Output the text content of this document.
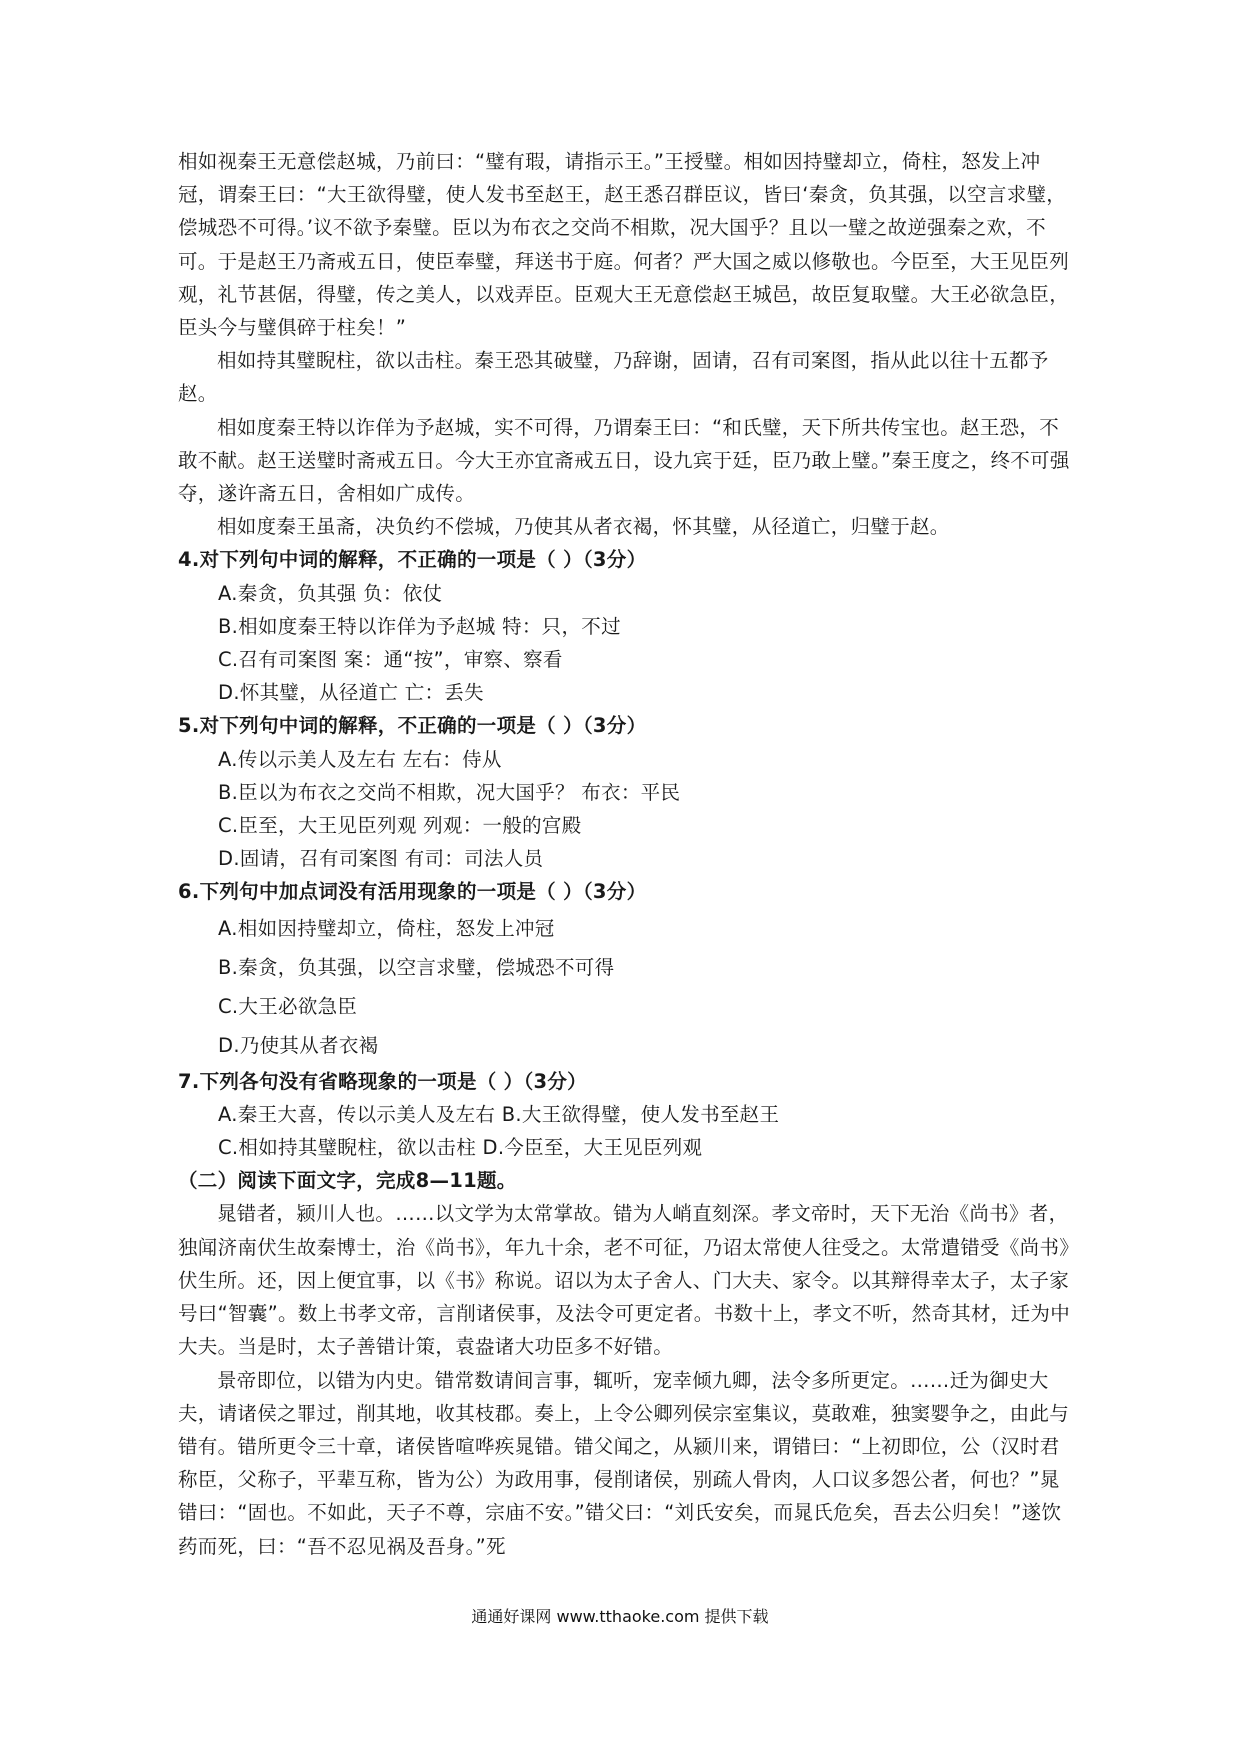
相如视秦王无意偿赵城，乃前曰：“璧有瑕，请指示王。”王授璧。相如因持璧却立，倚柱，怒发上冲冠，谓秦王曰：“大王欲得璧，使人发书至赵王，赵王悉召群臣议，皆曰‘秦贪，负其强，以空言求璧，偿城恐不可得。’议不欲予秦璧。臣以为布衣之交尚不相欺，况大国乎？且以一璧之故逆强秦之欢，不可。于是赵王乃斋戒五日，使臣奉璧，拜送书于庭。何者？严大国之威以修敬也。今臣至，大王见臣列观，礼节甚倨，得璧，传之美人，以戏弄臣。臣观大王无意偿赵王城邑，故臣复取璧。大王必欲急臣，臣头今与璧俱碎于柱矣！”

相如持其璧睨柱，欲以击柱。秦王恐其破璧，乃辞谢，固请，召有司案图，指从此以往十五都予赵。

相如度秦王特以诈佯为予赵城，实不可得，乃谓秦王曰：“和氏璧，天下所共传宝也。赵王恐，不敢不献。赵王送璧时斋戒五日。今大王亦宜斋戒五日，设九宾于廷，臣乃敢上璧。”秦王度之，终不可强夺，遂许斋五日，舍相如广成传。

相如度秦王虽斋，决负约不偿城，乃使其从者衣褐，怀其璧，从径道亡，归璧于赵。

4.对下列句中词的解释，不正确的一项是（ ）（3分）

A.秦贪，负其强 负：依仗

B.相如度秦王特以诈佯为予赵城 特：只，不过

C.召有司案图 案：通“按”，审察、察看

D.怀其璧，从径道亡 亡：丢失

5.对下列句中词的解释，不正确的一项是（ ）（3分）

A.传以示美人及左右 左右：侍从

B.臣以为布衣之交尚不相欺，况大国乎？ 布衣：平民

C.臣至，大王见臣列观 列观：一般的宫殿

D.固请，召有司案图 有司：司法人员

6.下列句中加点词没有活用现象的一项是（ ）（3分）

A.相如因持璧却立，倚柱，怒发上冲冠

B.秦贪，负其强，以空言求璧，偿城恐不可得

C.大王必欲急臣

D.乃使其从者衣褐

7.下列各句没有省略现象的一项是（ ）（3分）

A.秦王大喜，传以示美人及左右 B.大王欲得璧，使人发书至赵王

C.相如持其璧睨柱，欲以击柱 D.今臣至，大王见臣列观

（二）阅读下面文字，完成8—11题。

晁错者，颍川人也。……以文学为太常掌故。错为人峭直刻深。孝文帝时，天下无治《尚书》者，独闻济南伏生故秦博士，治《尚书》，年九十余，老不可征，乃诏太常使人往受之。太常遣错受《尚书》伏生所。还，因上便宜事，以《书》称说。诏以为太子舍人、门大夫、家令。以其辩得幸太子，太子家号曰“智囊”。数上书孝文帝，言削诸侯事，及法令可更定者。书数十上，孝文不听，然奇其材，迁为中大夫。当是时，太子善错计策，袁盎诸大功臣多不好错。

景帝即位，以错为内史。错常数请间言事，辄听，宠幸倾九卿，法令多所更定。……迁为御史大夫，请诸侯之罪过，削其地，收其枝郡。奏上，上令公卿列侯宗室集议，莫敢难，独窦婴争之，由此与错有。错所更令三十章，诸侯皆喧哗疾晁错。错父闻之，从颍川来，谓错曰：“上初即位，公（汉时君称臣，父称子，平辈互称，皆为公）为政用事，侵削诸侯，别疏人骨肉，人口议多怨公者，何也？”晁错曰：“固也。不如此，天子不尊，宗庙不安。”错父曰：“刘氏安矣，而晁氏危矣，吾去公归矣！”遂饮药而死，曰：“吾不忍见祸及吾身。”死

通通好课网 www.tthaoke.com 提供下载
